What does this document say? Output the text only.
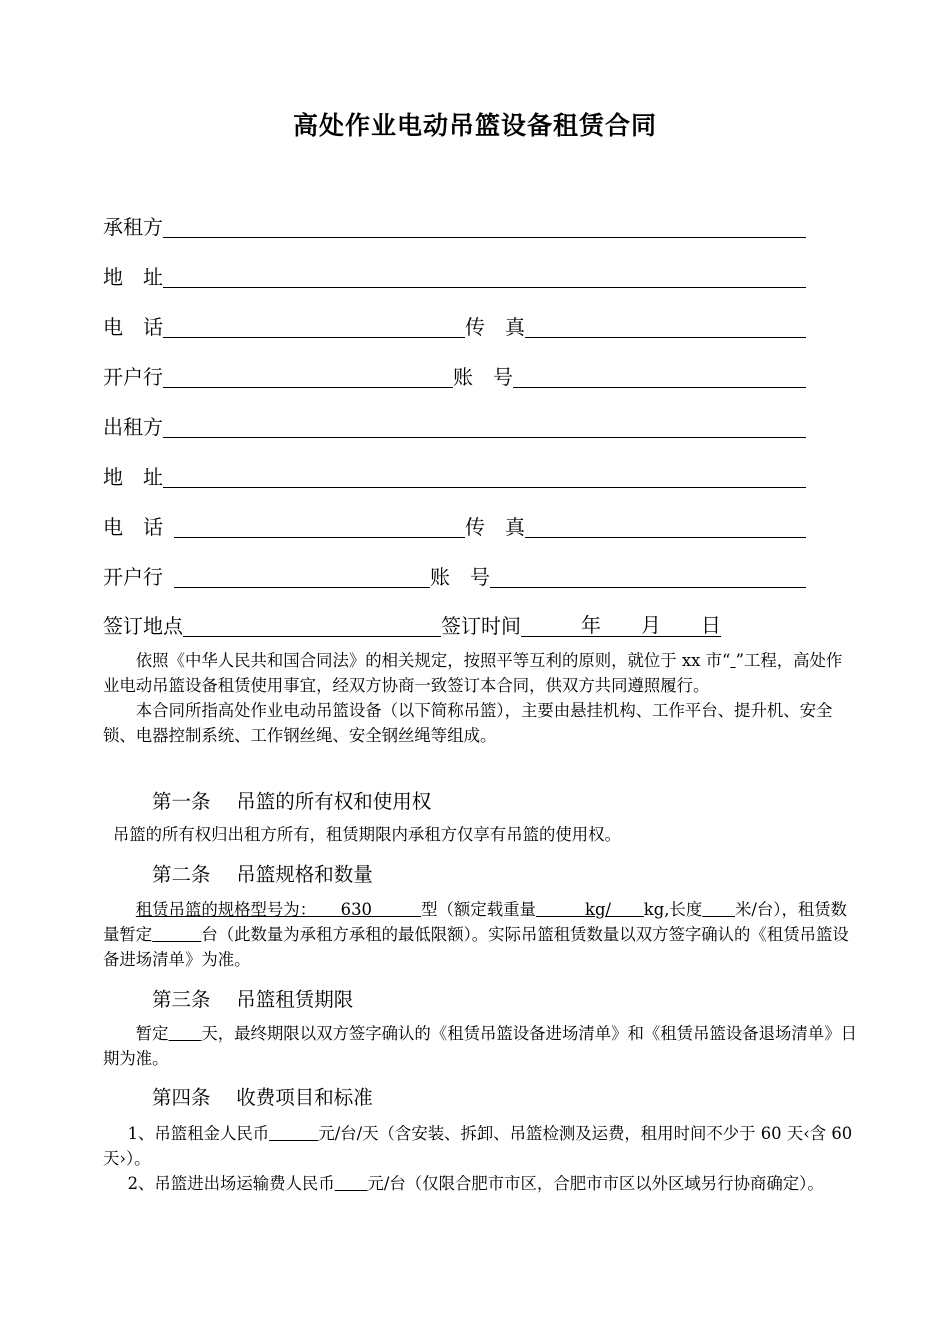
高处作业电动吊篮设备租赁合同
承租方
地　址
电　话	传　真
开户行	账　号
出租方
地　址
电　话	传　真
开户行	账　号
签订地点	签订时间 　　　年　　月　　日

依照《中华人民共和国合同法》的相关规定，按照平等互利的原则，就位于 xx 市“ ”工程，高处作业电动吊篮设备租赁使用事宜，经双方协商一致签订本合同，供双方共同遵照履行。

本合同所指高处作业电动吊篮设备（以下简称吊篮），主要由悬挂机构、工作平台、提升机、安全锁、电器控制系统、工作钢丝绳、安全钢丝绳等组成。

第一条　 吊篮的所有权和使用权

吊篮的所有权归出租方所有，租赁期限内承租方仅享有吊篮的使用权。

第二条　 吊篮规格和数量

租赁吊篮的规格型号为：　　630　　　型（额定载重量　　　kg/　　kg,长度　　 米/台），租赁数量暂定　　　	台（此数量为承租方承租的最低限额）。实际吊篮租赁数量以双方签字确认的《租赁吊篮设备进场清单》为准。

第三条　 吊篮租赁期限

暂定　　 天，最终期限以双方签字确认的《租赁吊篮设备进场清单》和《租赁吊篮设备退场清单》日期为准。

第四条　 收费项目和标准

1、吊篮租金人民币　　　	元/台/天（含安装、拆卸、吊篮检测及运费，租用时间不少于 60 天‹含 60 天›）。

2、吊篮进出场运输费人民币　　 元/台（仅限合肥市市区，合肥市市区以外区域另行协商确定）。
